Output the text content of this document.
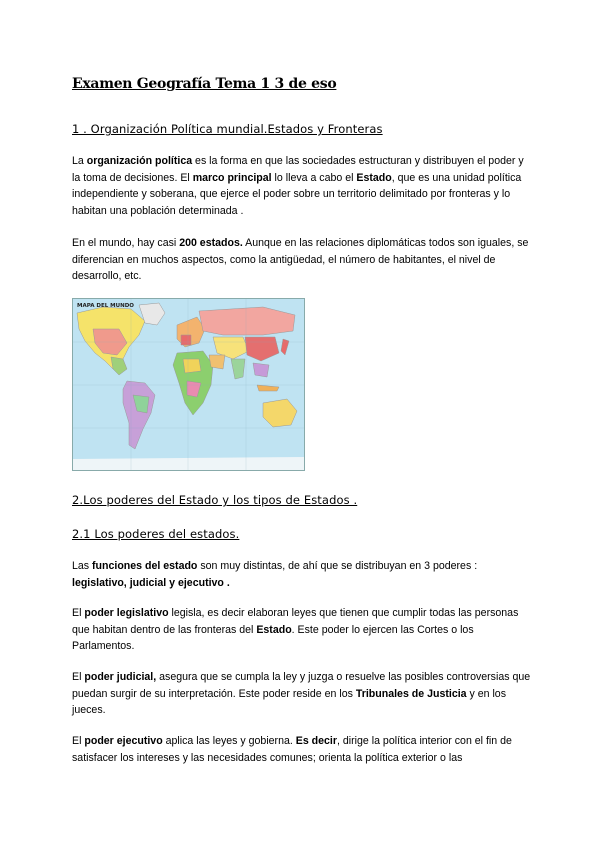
Examen Geografía Tema 1 3 de eso
1 . Organización Política mundial.Estados y Fronteras

La organización política es la forma en que las sociedades estructuran y distribuyen el poder y la toma de decisiones. El marco principal lo lleva a cabo el Estado, que es una unidad política independiente y soberana, que ejerce el poder sobre un territorio delimitado por fronteras y lo habitan una población determinada .

En el mundo, hay casi 200 estados. Aunque en las relaciones diplomáticas todos son iguales, se diferencian en muchos aspectos, como la antigüedad, el número de habitantes, el nivel de desarrollo, etc.

MAPA DEL MUNDO
2.Los poderes del Estado y los tipos de Estados .
2.1 Los poderes del estados.

Las funciones del estado son muy distintas, de ahí que se distribuyan en 3 poderes : legislativo, judicial y ejecutivo .

El poder legislativo legisla, es decir elaboran leyes que tienen que cumplir todas las personas que habitan dentro de las fronteras del Estado. Este poder lo ejercen las Cortes o los Parlamentos.

El poder judicial, asegura que se cumpla la ley y juzga o resuelve las posibles controversias que puedan surgir de su interpretación. Este poder reside en los Tribunales de Justicia y en los jueces.

El poder ejecutivo aplica las leyes y gobierna. Es decir, dirige la política interior con el fin de satisfacer los intereses y las necesidades comunes; orienta la política exterior o las
